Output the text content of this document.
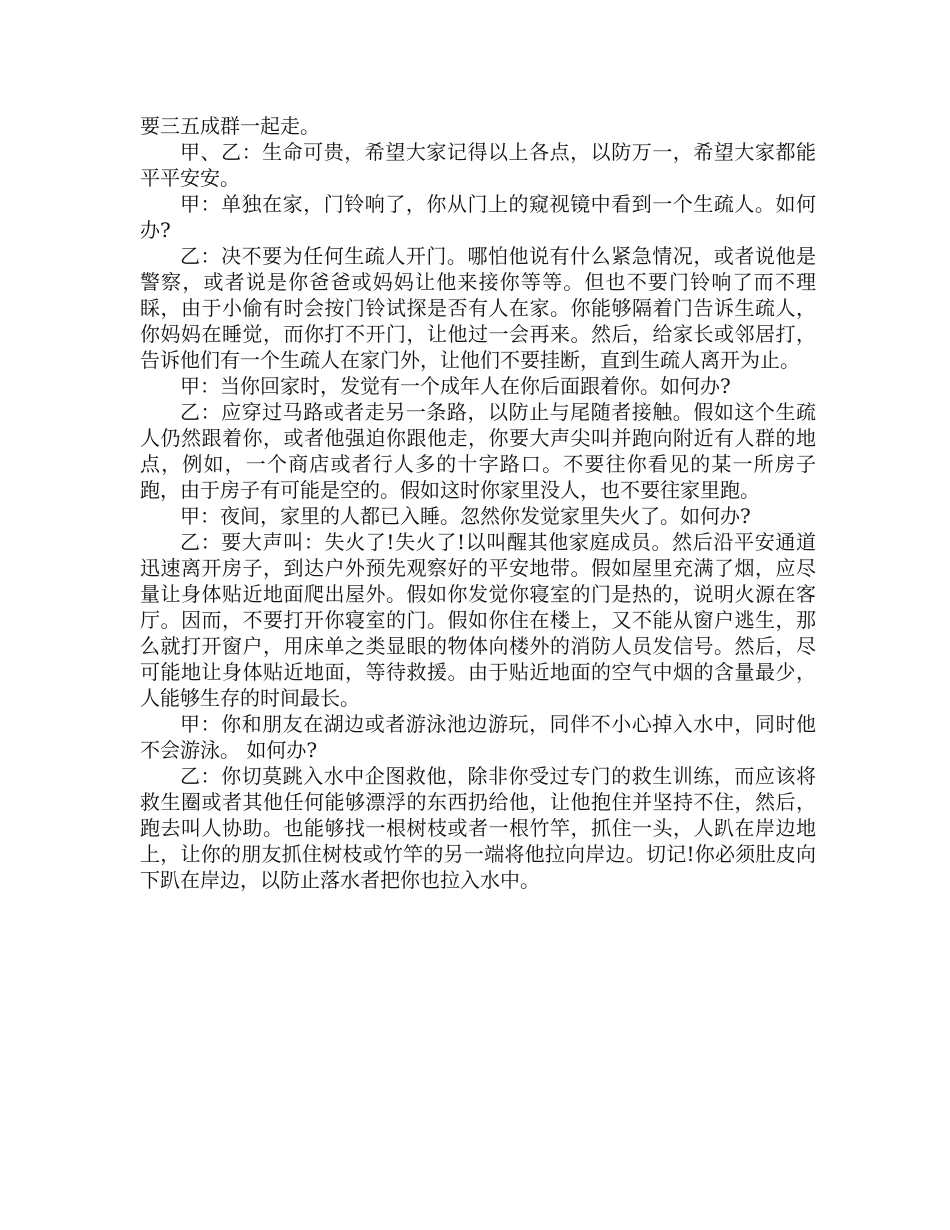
要三五成群一起走。

甲、乙：生命可贵，希望大家记得以上各点，以防万一，希望大家都能平平安安。

甲：单独在家，门铃响了，你从门上的窥视镜中看到一个生疏人。如何办?

乙：决不要为任何生疏人开门。哪怕他说有什么紧急情况，或者说他是警察，或者说是你爸爸或妈妈让他来接你等等。但也不要门铃响了而不理睬，由于小偷有时会按门铃试探是否有人在家。你能够隔着门告诉生疏人，你妈妈在睡觉，而你打不开门，让他过一会再来。然后，给家长或邻居打，告诉他们有一个生疏人在家门外，让他们不要挂断，直到生疏人离开为止。

甲：当你回家时，发觉有一个成年人在你后面跟着你。如何办?

乙：应穿过马路或者走另一条路，以防止与尾随者接触。假如这个生疏人仍然跟着你，或者他强迫你跟他走，你要大声尖叫并跑向附近有人群的地点，例如，一个商店或者行人多的十字路口。不要往你看见的某一所房子跑，由于房子有可能是空的。假如这时你家里没人，也不要往家里跑。

甲：夜间，家里的人都已入睡。忽然你发觉家里失火了。如何办?

乙：要大声叫：失火了!失火了!以叫醒其他家庭成员。然后沿平安通道迅速离开房子，到达户外预先观察好的平安地带。假如屋里充满了烟，应尽量让身体贴近地面爬出屋外。假如你发觉你寝室的门是热的，说明火源在客厅。因而，不要打开你寝室的门。假如你住在楼上，又不能从窗户逃生，那么就打开窗户，用床单之类显眼的物体向楼外的消防人员发信号。然后，尽可能地让身体贴近地面，等待救援。由于贴近地面的空气中烟的含量最少，人能够生存的时间最长。

甲：你和朋友在湖边或者游泳池边游玩，同伴不小心掉入水中，同时他不会游泳。 如何办?

乙：你切莫跳入水中企图救他，除非你受过专门的救生训练，而应该将救生圈或者其他任何能够漂浮的东西扔给他，让他抱住并坚持不住，然后，跑去叫人协助。也能够找一根树枝或者一根竹竿，抓住一头，人趴在岸边地上，让你的朋友抓住树枝或竹竿的另一端将他拉向岸边。切记!你必须肚皮向下趴在岸边，以防止落水者把你也拉入水中。
